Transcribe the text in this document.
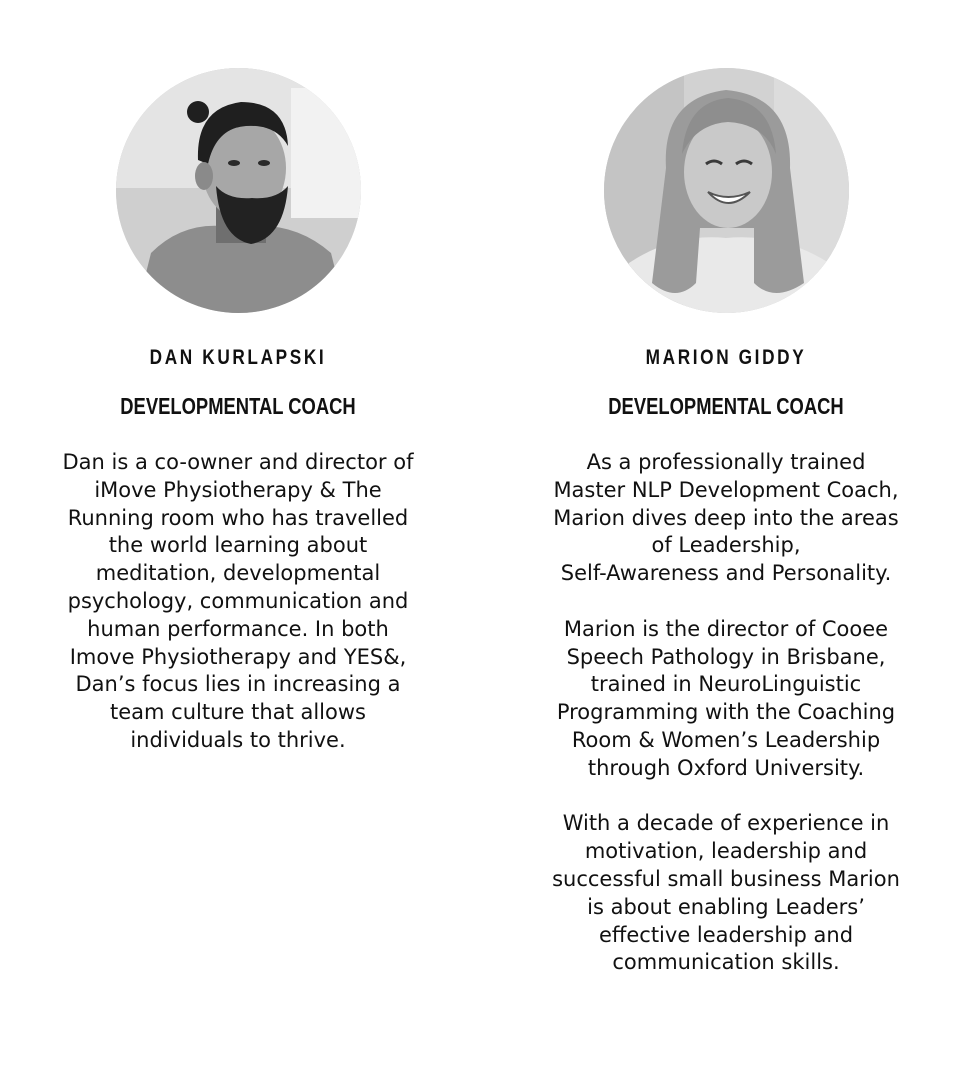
DAN KURLAPSKI
DEVELOPMENTAL COACH

Dan is a co-owner and director of
iMove Physiotherapy & The
Running room who has travelled
the world learning about
meditation, developmental
psychology, communication and
human performance. In both
Imove Physiotherapy and YES&,
Dan’s focus lies in increasing a
team culture that allows
individuals to thrive.

MARION GIDDY
DEVELOPMENTAL COACH

As a professionally trained
Master NLP Development Coach,
Marion dives deep into the areas
of Leadership,
Self-Awareness and Personality.

Marion is the director of Cooee
Speech Pathology in Brisbane,
trained in NeuroLinguistic
Programming with the Coaching
Room & Women’s Leadership
through Oxford University.

With a decade of experience in
motivation, leadership and
successful small business Marion
is about enabling Leaders’
effective leadership and
communication skills.
